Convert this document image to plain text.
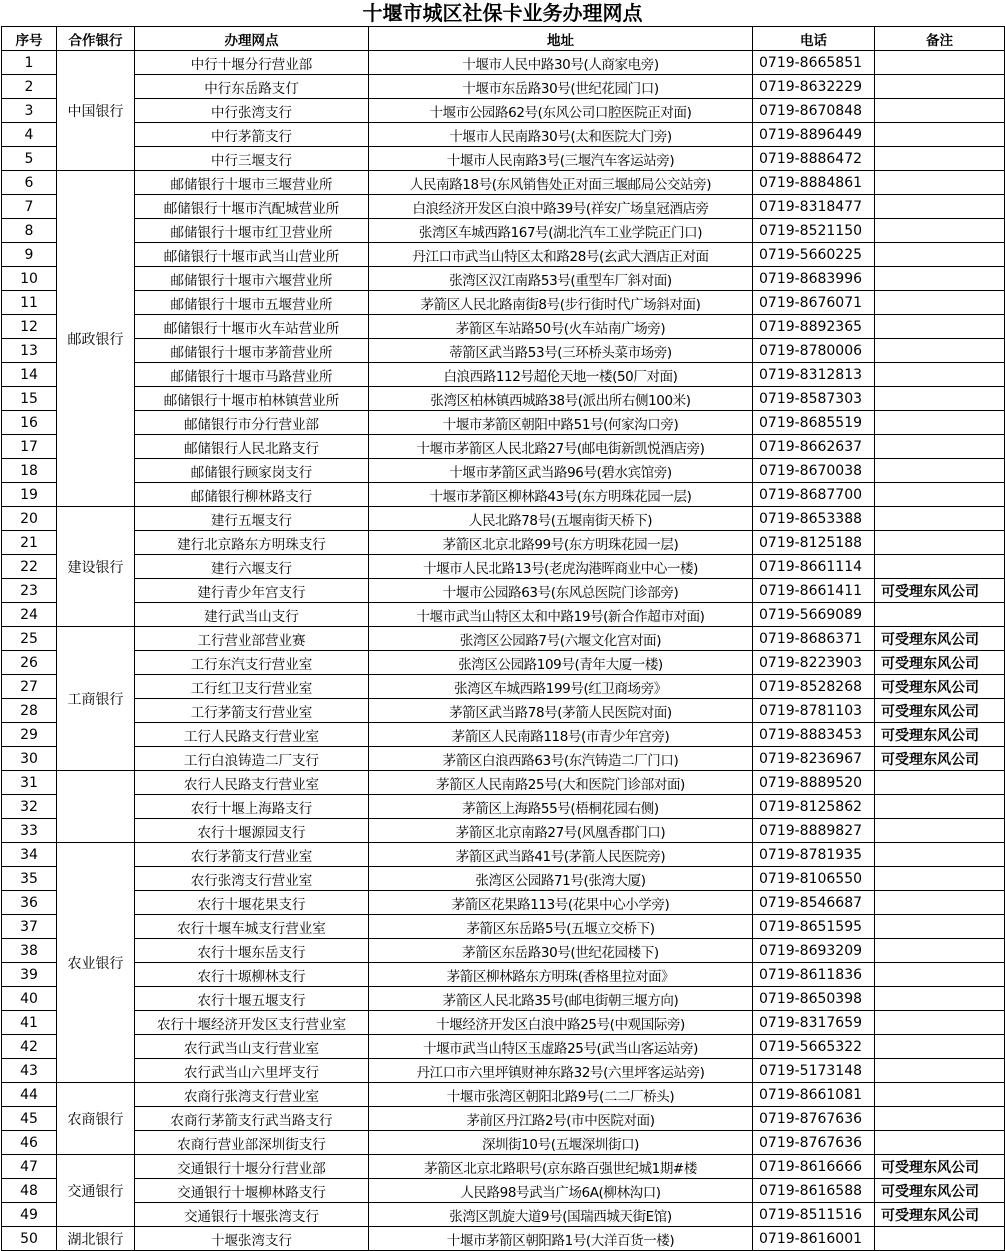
十堰市城区社保卡业务办理网点
序号	合作银行	办理网点	地址	电话	备注
1	中国银行	中行十堰分行营业部	十堰市人民中路30号(人商家电旁)	0719-8665851	
2		中行东岳路支仃	十堰市东岳路30号(世纪花园门口)	0719-8632229	
3		中行张湾支行	十堰市公园路62号(东风公司口腔医院正对面)	0719-8670848	
4		中行茅箭支行	十堰市人民南路30号(太和医院大门旁)	0719-8896449	
5		中行三堰支行	十堰市人民南路3号(三堰汽车客运站旁)	0719-8886472	
6	邮政银行	邮储银行十堰市三堰营业所	人民南路18号(东风销售处正对面三堰邮局公交站旁)	0719-8884861	
7		邮储银行十堰市汽配城营业所	白浪经济开发区白浪中路39号(祥安广场皇冠酒店旁	0719-8318477	
8		邮储银行十堰市红卫营业所	张湾区车城西路167号(湖北汽车工业学院正门口)	0719-8521150	
9		邮储银行十堰市武当山营业所	丹江口市武当山特区太和路28号(玄武大酒店正对面	0719-5660225	
10		邮储银行十堰市六堰营业所	张湾区汉江南路53号(重型车厂斜对面)	0719-8683996	
11		邮储银行十堰市五堰营业所	茅箭区人民北路南街8号(步行街时代广场斜对面)	0719-8676071	
12		邮储银行十堰市火车站营业所	茅箭区车站路50号(火车站南广场旁)	0719-8892365	
13		邮储银行十堰市茅箭营业所	蒂箭区武当路53号(三环桥头菜市场旁)	0719-8780006	
14		邮储银行十堰市马路营业所	白浪西路112号超伦天地一楼(50厂对面)	0719-8312813	
15		邮储银行十堰市柏林镇营业所	张湾区柏林镇西城路38号(派出所右侧100米)	0719-8587303	
16		邮储银行市分行营业部	十堰市茅箭区朝阳中路51号(何家沟口旁)	0719-8685519	
17		邮储银行人民北路支行	十堰市茅箭区人民北路27号(邮电街新凯悦酒店旁)	0719-8662637	
18		邮储银行顾家岗支行	十堰市茅箭区武当路96号(碧水宾馆旁)	0719-8670038	
19		邮储银行柳林路支行	十堰市茅箭区柳林路43号(东方明珠花园一层)	0719-8687700	
20	建设银行	建行五堰支行	人民北路78号(五堰南街天桥下)	0719-8653388	
21		建行北京路东方明珠支行	茅箭区北京北路99号(东方明珠花园一层)	0719-8125188	
22		建行六堰支行	十堰市人民北路13号(老虎沟港晖商业中心一楼)	0719-8661114	
23		建行青少年宫支行	十堰市公园路63号(东风总医院门诊部旁)	0719-8661411	可受理东风公司
24		建行武当山支行	十堰市武当山特区太和中路19号(新合作超市对面)	0719-5669089	
25	工商银行	工行营业部营业赛	张湾区公园路7号(六堰文化宫对面)	0719-8686371	可受理东风公司
26		工行东汽支行营业室	张湾区公园路109号(青年大厦一楼)	0719-8223903	可受理东风公司
27		工行红卫支行营业室	张湾区车城西路199号(红卫商场旁》	0719-8528268	可受理东风公司
28		工行茅箭支行营业室	茅箭区武当路78号(茅箭人民医院对面)	0719-8781103	可受理东风公司
29		工行人民路支行营业室	茅箭区人民南路118号(市青少年宫旁)	0719-8883453	可受理东风公司
30		工行白浪铸造二厂支行	茅箭区白浪西路63号(东汽铸造二厂门口)	0719-8236967	可受理东风公司
31		农行人民路支行营业室	茅箭区人民南路25号(大和医院门诊部对面)	0719-8889520	
32		农行十堰上海路支行	茅箭区上海路55号(梧桐花园右侧)	0719-8125862	
33		农行十堰源园支行	茅箭区北京南路27号(风凰香郡门口)	0719-8889827	
34	农业银行	农行茅箭支行营业室	茅箭区武当路41号(茅箭人民医院旁)	0719-8781935	
35		农行张湾支行营业室	张湾区公园路71号(张湾大厦)	0719-8106550	
36		农行十堰花果支行	茅箭区花果路113号(花果中心小学旁)	0719-8546687	
37		农行十堰车城支行营业室	茅箭区东岳路5号(五堰立交桥下)	0719-8651595	
38		农行十堰东岳支行	茅箭区东岳路30号(世纪花园楼下)	0719-8693209	
39		农行十塬柳林支行	茅箭区柳林路东方明珠(香格里拉对面》	0719-8611836	
40		农行十堰五堰支行	茅箭区人民北路35号(邮电街朝三堰方向)	0719-8650398	
41		农行十堰经济开发区支行营业室	十堰经济开发区白浪中路25号(中观国际旁)	0719-8317659	
42		农行武当山支行营业室	十堰市武当山特区玉虚路25号(武当山客运站旁)	0719-5665322	
43		农行武当山六里坪支行	丹江口市六里坪镇财神东路32号(六里坪客运站旁)	0719-5173148	
44	农商银行	农商行张湾支行营业室	十堰市张湾区朝阳北路9号(二二厂桥头)	0719-8661081	
45		农商行茅箭支行武当路支行	茅前区丹江路2号(市中医院对面)	0719-8767636	
46		农商行营业部深圳街支行	深圳街10号(五堰深圳街口)	0719-8767636	
47	交通银行	交通银行十堰分行营业部	茅箭区北京北路职号(京东路百强世纪城1期#楼	0719-8616666	可受理东风公司
48		交通银行十堰柳林路支行	人民路98号武当广场6A(柳林沟口)	0719-8616588	可受理东风公司
49		交通银行十堰张湾支行	张湾区凯旋大道9号(国瑞西城天街E馆)	0719-8511516	可受理东风公司
50	湖北银行	十堰张湾支行	十堰市茅箭区朝阳路1号(大洋百货一楼)	0719-8616001	
